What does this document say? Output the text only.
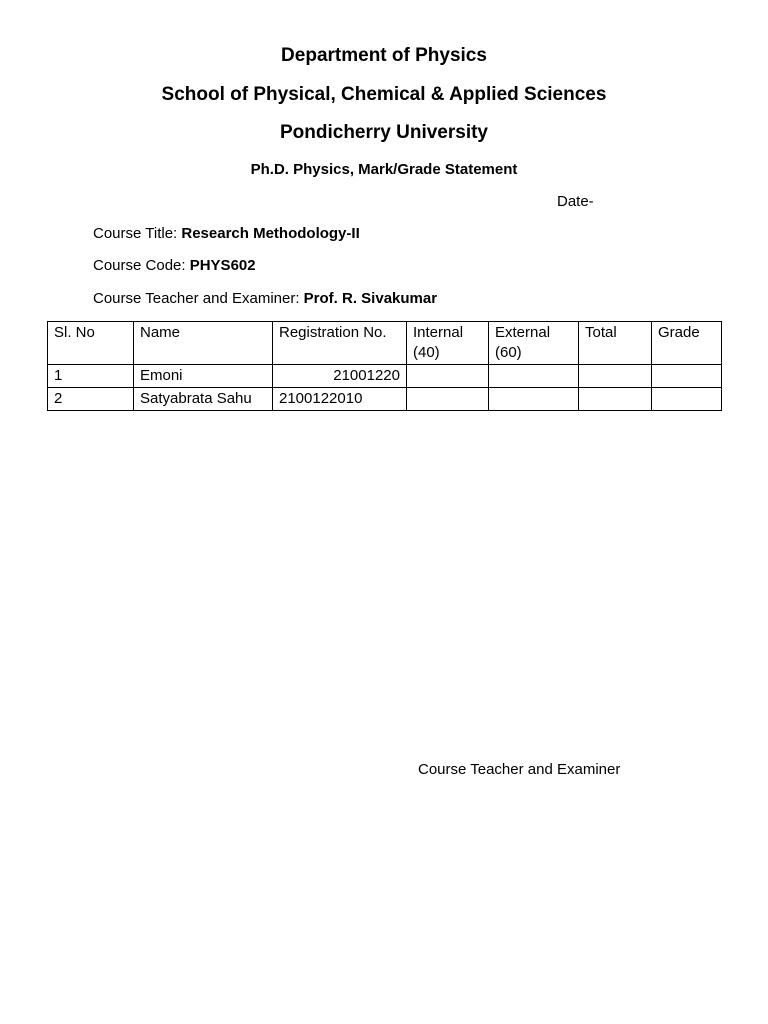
Department of Physics
School of Physical, Chemical & Applied Sciences
Pondicherry University
Ph.D. Physics, Mark/Grade Statement
Date-
Course Title: Research Methodology-II
Course Code: PHYS602
Course Teacher and Examiner: Prof. R. Sivakumar
Sl. No	Name	Registration No.	Internal (40)	External (60)	Total	Grade
1	Emoni	21001220				
2	Satyabrata Sahu	2100122010				
Course Teacher and Examiner
